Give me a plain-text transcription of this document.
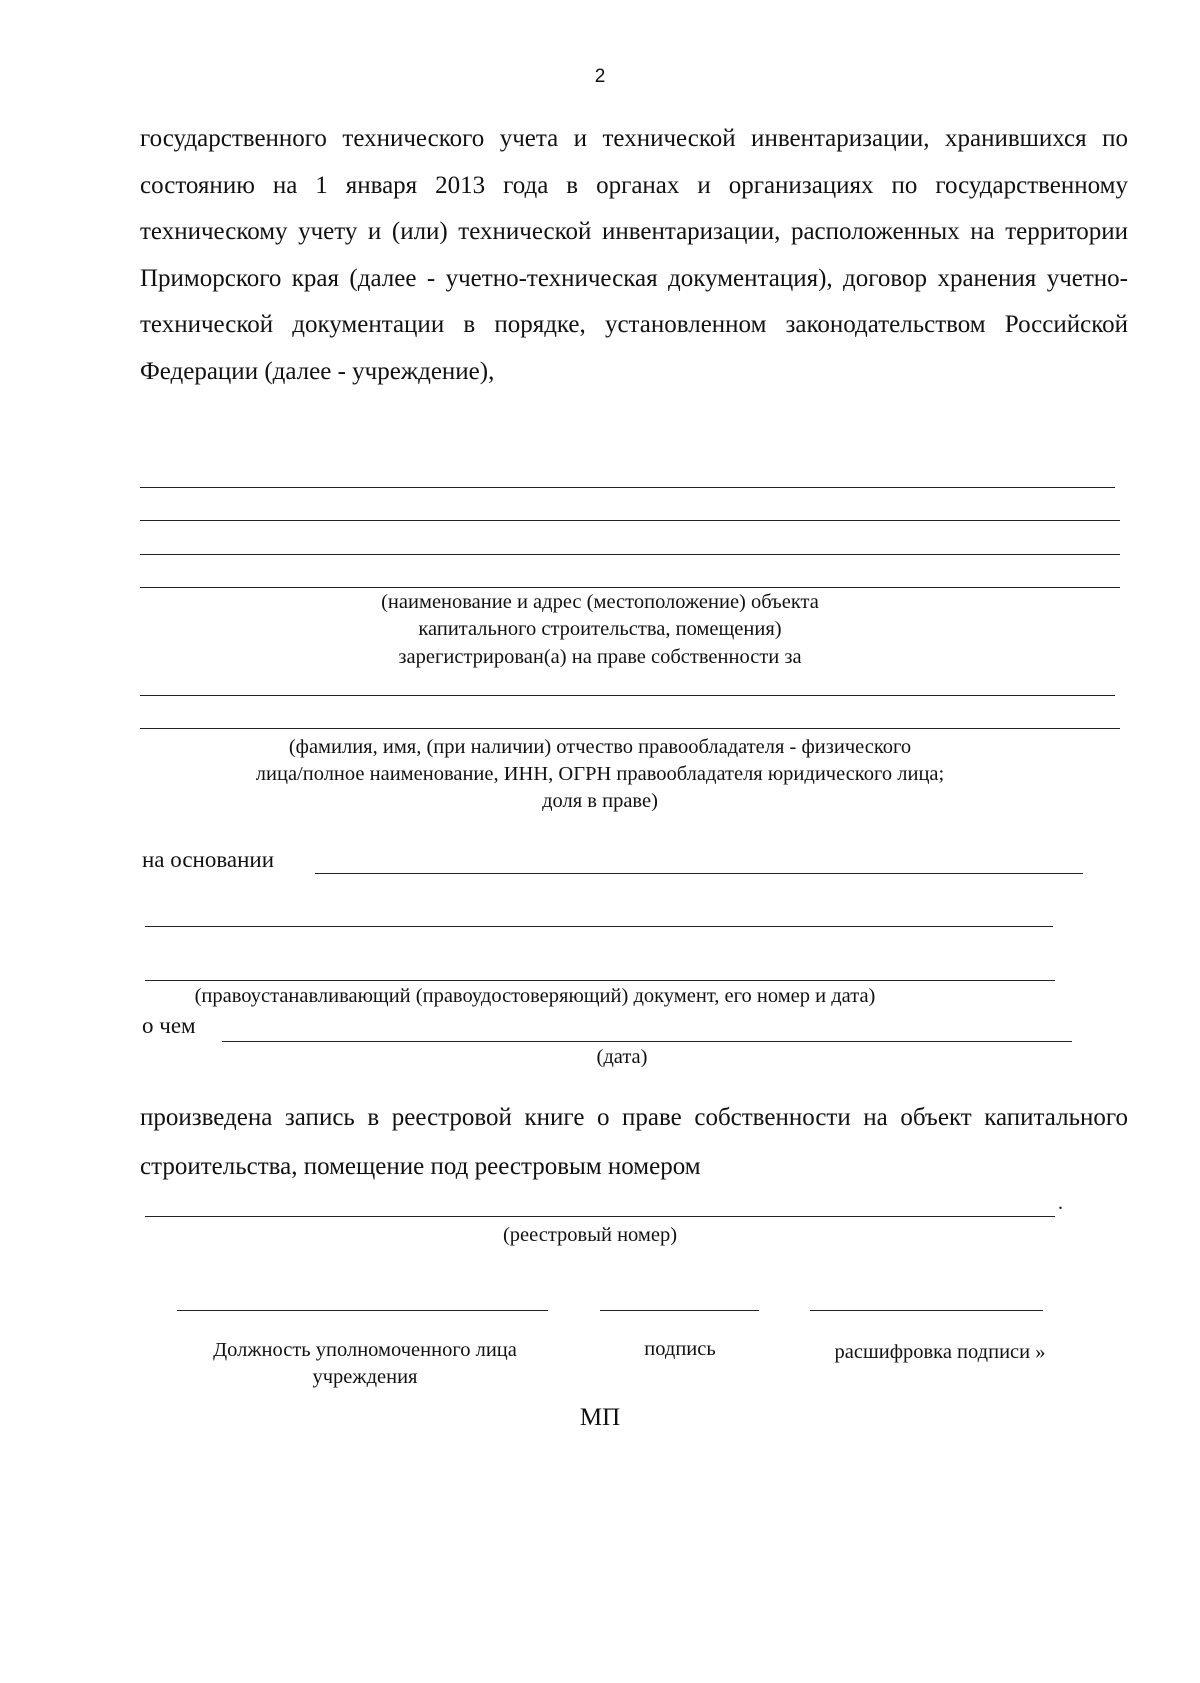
2
государственного технического учета и технической инвентаризации, хранившихся по состоянию на 1 января 2013 года в органах и организациях по государственному техническому учету и (или) технической инвентаризации, расположенных на территории Приморского края (далее - учетно-техническая документация), договор хранения учетно-технической документации в порядке, установленном законодательством Российской Федерации (далее - учреждение),
(наименование и адрес (местоположение) объекта
капитального строительства, помещения)
зарегистрирован(а) на праве собственности за
(фамилия, имя, (при наличии) отчество правообладателя - физического
лица/полное наименование, ИНН, ОГРН правообладателя юридического лица;
доля в праве)
на основании
(правоустанавливающий (правоудостоверяющий) документ, его номер и дата)
о чем
(дата)
произведена запись в реестровой книге о праве собственности на объект капитального строительства, помещение под реестровым номером
.
(реестровый номер)
Должность уполномоченного лица
учреждения
подпись	расшифровка подписи »
МП
